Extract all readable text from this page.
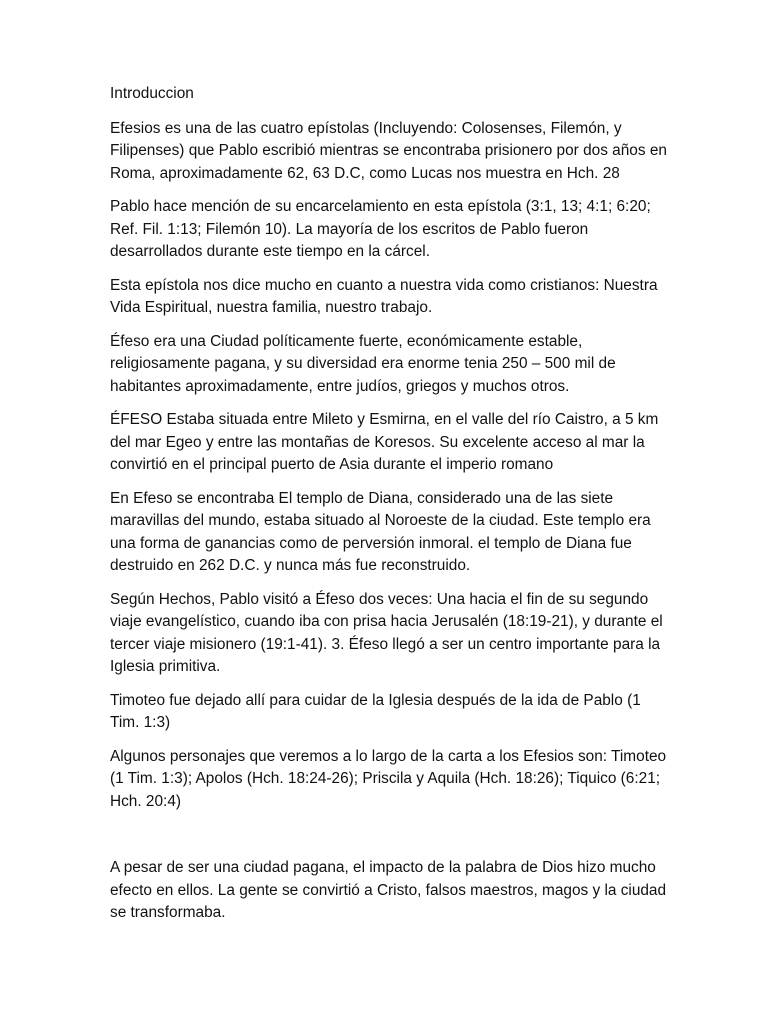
Introduccion

Efesios es una de las cuatro epístolas (Incluyendo: Colosenses, Filemón, y Filipenses) que Pablo escribió mientras se encontraba prisionero por dos años en Roma, aproximadamente 62, 63 D.C, como Lucas nos muestra en Hch. 28

Pablo hace mención de su encarcelamiento en esta epístola (3:1, 13; 4:1; 6:20; Ref. Fil. 1:13; Filemón 10). La mayoría de los escritos de Pablo fueron desarrollados durante este tiempo en la cárcel.

Esta epístola nos dice mucho en cuanto a nuestra vida como cristianos: Nuestra Vida Espiritual, nuestra familia, nuestro trabajo.

Éfeso era una Ciudad políticamente fuerte, económicamente estable, religiosamente pagana, y su diversidad era enorme tenia 250 – 500 mil de habitantes aproximadamente, entre judíos, griegos y muchos otros.

ÉFESO Estaba situada entre Mileto y Esmirna, en el valle del río Caistro, a 5 km del mar Egeo y entre las montañas de Koresos. Su excelente acceso al mar la convirtió en el principal puerto de Asia durante el imperio romano

En Efeso se encontraba El templo de Diana, considerado una de las siete maravillas del mundo, estaba situado al Noroeste de la ciudad. Este templo era una forma de ganancias como de perversión inmoral. el templo de Diana fue destruido en 262 D.C. y nunca más fue reconstruido.

Según Hechos, Pablo visitó a Éfeso dos veces: Una hacia el fin de su segundo viaje evangelístico, cuando iba con prisa hacia Jerusalén (18:19-21), y durante el tercer viaje misionero (19:1-41). 3. Éfeso llegó a ser un centro importante para la Iglesia primitiva.

Timoteo fue dejado allí para cuidar de la Iglesia después de la ida de Pablo (1 Tim. 1:3)

Algunos personajes que veremos a lo largo de la carta a los Efesios son: Timoteo (1 Tim. 1:3); Apolos (Hch. 18:24-26); Priscila y Aquila (Hch. 18:26); Tiquico (6:21; Hch. 20:4)

A pesar de ser una ciudad pagana, el impacto de la palabra de Dios hizo mucho efecto en ellos. La gente se convirtió a Cristo, falsos maestros, magos y la ciudad se transformaba.
